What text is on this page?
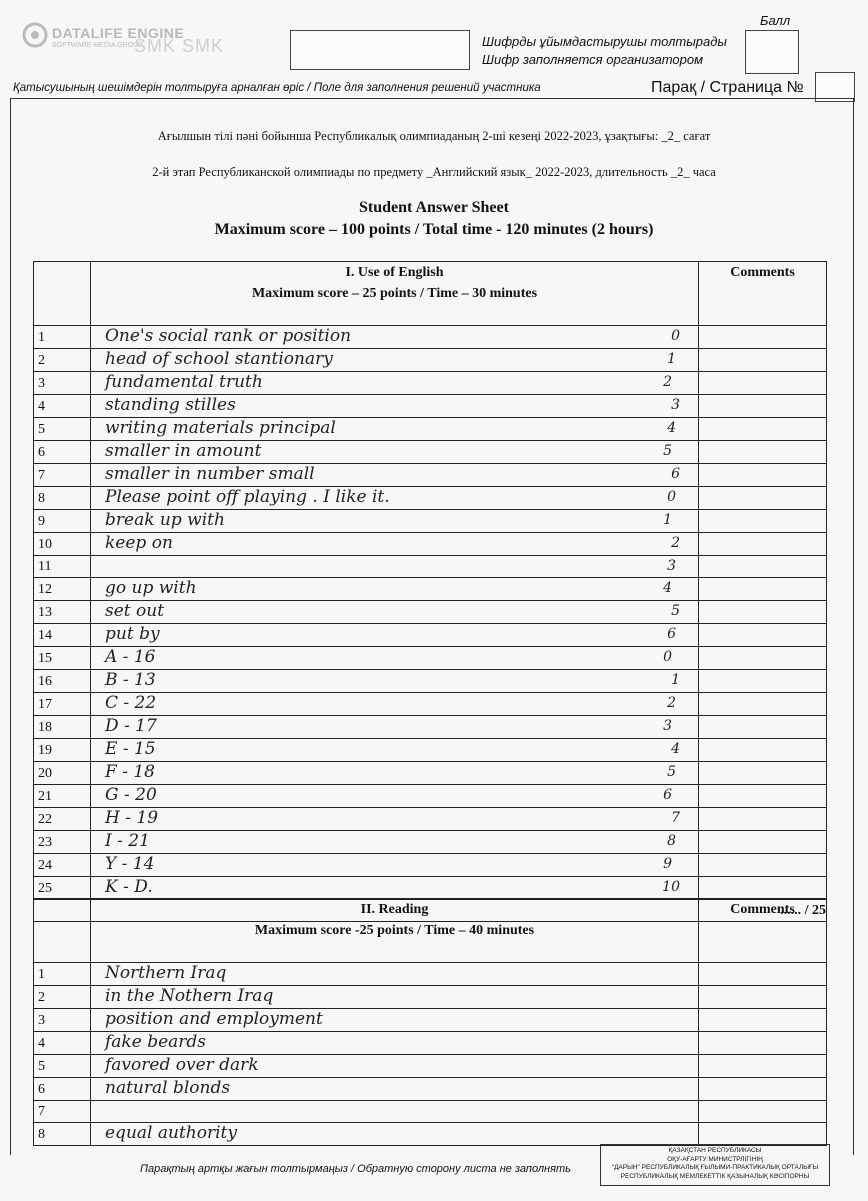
DATALIFE ENGINE
SOFTWARE MEDIA GROUP
SMK SMK	Шифрды ұйымдастырушы толтырады
Шифр заполняется организатором
Балл
Қатысушының шешімдерін толтыруға арналған өріс / Поле для заполнения решений участника	Парақ / Страница №
Ағылшын тілі пәні бойынша Республикалық олимпиаданың 2-ші кезеңі 2022-2023, ұзақтығы: _2_ сағат
2-й этап Республиканской олимпиады по предмету _Английский язык_ 2022-2023, длительность _2_ часа
Student Answer Sheet
Maximum score – 100 points / Total time - 120 minutes (2 hours)

	I. Use of English
Maximum score – 25 points / Time – 30 minutes	Comments
1	One's social rank or position 0	

2	head of school stantionary 1	

3	fundamental truth 2	

4	standing stilles 3	

5	writing materials principal 4	

6	smaller in amount 5	

7	smaller in number small 6	

8	Please point off playing . I like it. 0	

9	break up with 1	

10	keep on 2	

11	3	

12	go up with 4	

13	set out 5	

14	put by 6	

15	A - 16 0	

16	B - 13 1	

17	C - 22 2	

18	D - 17 3	

19	E - 15 4	

20	F - 18 5	

21	G - 20 6	

22	H - 19 7	

23	I - 21 8	

24	Y - 14 9	

25	K - D. 10	

		...... / 25

	II. Reading
Maximum score -25 points / Time – 40 minutes	Comments
1	Northern Iraq	
2	in the Nothern Iraq	
3	position and employment	
4	fake beards	
5	favored over dark	
6	natural blonds	
7		
8	equal authority	
Парақтың артқы жағын толтырмаңыз / Обратную сторону листа не заполнять
ҚАЗАҚСТАН РЕСПУБЛИКАСЫ
ОҚУ-АҒАРТУ МИНИСТРЛІГІНІҢ
"ДАРЫН" РЕСПУБЛИКАЛЫҚ ҒЫЛЫМИ-ПРАКТИКАЛЫҚ ОРТАЛЫҒЫ
РЕСПУБЛИКАЛЫҚ МЕМЛЕКЕТТІК ҚАЗЫНАЛЫҚ КӘСІПОРНЫ
